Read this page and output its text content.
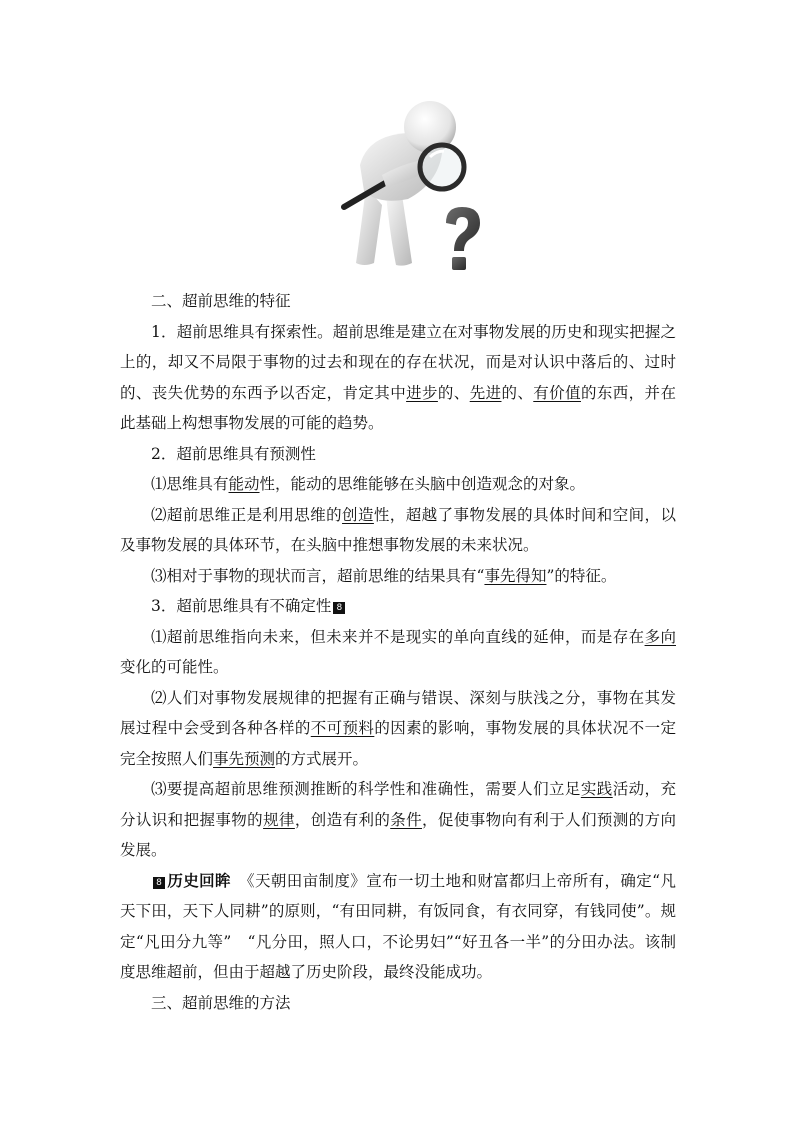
二、超前思维的特征

1．超前思维具有探索性。超前思维是建立在对事物发展的历史和现实把握之上的，却又不局限于事物的过去和现在的存在状况，而是对认识中落后的、过时的、丧失优势的东西予以否定，肯定其中进步的、先进的、有价值的东西，并在此基础上构想事物发展的可能的趋势。

2．超前思维具有预测性

⑴思维具有能动性，能动的思维能够在头脑中创造观念的对象。

⑵超前思维正是利用思维的创造性，超越了事物发展的具体时间和空间，以及事物发展的具体环节，在头脑中推想事物发展的未来状况。

⑶相对于事物的现状而言，超前思维的结果具有“事先得知”的特征。

3．超前思维具有不确定性 8

⑴超前思维指向未来，但未来并不是现实的单向直线的延伸，而是存在多向变化的可能性。

⑵人们对事物发展规律的把握有正确与错误、深刻与肤浅之分，事物在其发展过程中会受到各种各样的不可预料的因素的影响，事物发展的具体状况不一定完全按照人们事先预测的方式展开。

⑶要提高超前思维预测推断的科学性和准确性，需要人们立足实践活动，充分认识和把握事物的规律，创造有利的条件，促使事物向有利于人们预测的方向发展。

8 历史回眸　《天朝田亩制度》宣布一切土地和财富都归上帝所有，确定“凡天下田，天下人同耕”的原则，“有田同耕，有饭同食，有衣同穿，有钱同使”。规定“凡田分九等”　“凡分田，照人口，不论男妇”“好丑各一半”的分田办法。该制度思维超前，但由于超越了历史阶段，最终没能成功。

三、超前思维的方法
